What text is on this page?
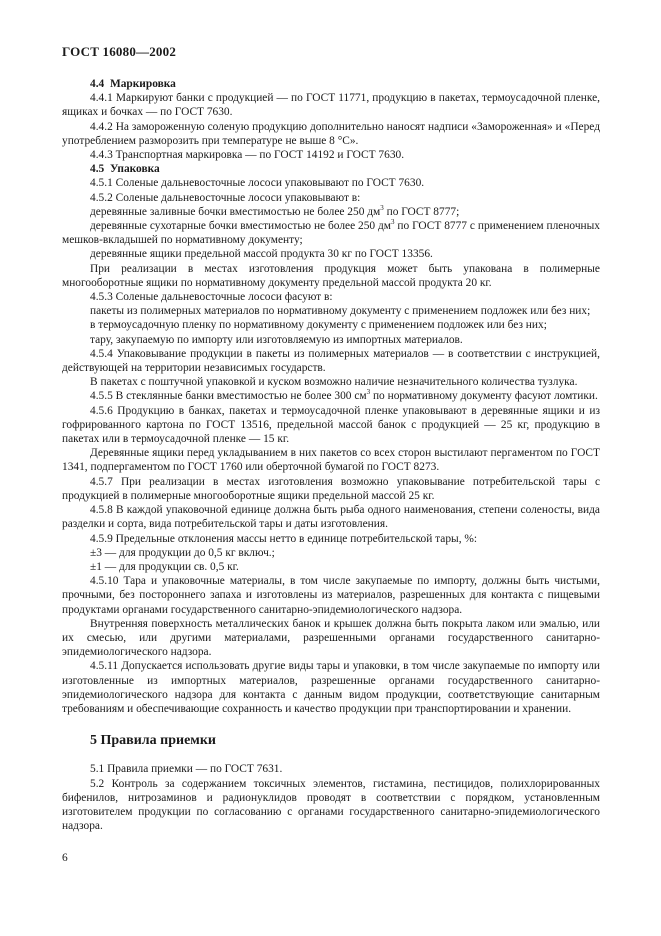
ГОСТ 16080—2002

4.4 Маркировка

4.4.1 Маркируют банки с продукцией — по ГОСТ 11771, продукцию в пакетах, термоусадочной пленке, ящиках и бочках — по ГОСТ 7630.

4.4.2 На замороженную соленую продукцию дополнительно наносят надписи «Замороженная» и «Перед употреблением разморозить при температуре не выше 8 °С».

4.4.3 Транспортная маркировка — по ГОСТ 14192 и ГОСТ 7630.

4.5 Упаковка

4.5.1 Соленые дальневосточные лососи упаковывают по ГОСТ 7630.

4.5.2 Соленые дальневосточные лососи упаковывают в:

деревянные заливные бочки вместимостью не более 250 $дм^3$ по ГОСТ 8777;

деревянные сухотарные бочки вместимостью не более 250 $дм^3$ по ГОСТ 8777 с применением пленочных мешков-вкладышей по нормативному документу;

деревянные ящики предельной массой продукта 30 кг по ГОСТ 13356.

При реализации в местах изготовления продукция может быть упакована в полимерные многооборотные ящики по нормативному документу предельной массой продукта 20 кг.

4.5.3 Соленые дальневосточные лососи фасуют в:

пакеты из полимерных материалов по нормативному документу с применением подложек или без них;

в термоусадочную пленку по нормативному документу с применением подложек или без них;

тару, закупаемую по импорту или изготовляемую из импортных материалов.

4.5.4 Упаковывание продукции в пакеты из полимерных материалов — в соответствии с инструкцией, действующей на территории независимых государств.

В пакетах с поштучной упаковкой и куском возможно наличие незначительного количества тузлука.

4.5.5 В стеклянные банки вместимостью не более 300 $см^3$ по нормативному документу фасуют ломтики.

4.5.6 Продукцию в банках, пакетах и термоусадочной пленке упаковывают в деревянные ящики и из гофрированного картона по ГОСТ 13516, предельной массой банок с продукцией — 25 кг, продукцию в пакетах или в термоусадочной пленке — 15 кг.

Деревянные ящики перед укладыванием в них пакетов со всех сторон выстилают пергаментом по ГОСТ 1341, подпергаментом по ГОСТ 1760 или оберточной бумагой по ГОСТ 8273.

4.5.7 При реализации в местах изготовления возможно упаковывание потребительской тары с продукцией в полимерные многооборотные ящики предельной массой 25 кг.

4.5.8 В каждой упаковочной единице должна быть рыба одного наименования, степени соленосты, вида разделки и сорта, вида потребительской тары и даты изготовления.

4.5.9 Предельные отклонения массы нетто в единице потребительской тары, %:

±3 — для продукции до 0,5 кг включ.;

±1 — для продукции св. 0,5 кг.

4.5.10 Тара и упаковочные материалы, в том числе закупаемые по импорту, должны быть чистыми, прочными, без постороннего запаха и изготовлены из материалов, разрешенных для контакта с пищевыми продуктами органами государственного санитарно-эпидемиологического надзора.

Внутренняя поверхность металлических банок и крышек должна быть покрыта лаком или эмалью, или их смесью, или другими материалами, разрешенными органами государственного санитарно-эпидемиологического надзора.

4.5.11 Допускается использовать другие виды тары и упаковки, в том числе закупаемые по импорту или изготовленные из импортных материалов, разрешенные органами государственного санитарно-эпидемиологического надзора для контакта с данным видом продукции, соответствующие санитарным требованиям и обеспечивающие сохранность и качество продукции при транспортировании и хранении.

5 Правила приемки

5.1 Правила приемки — по ГОСТ 7631.

5.2 Контроль за содержанием токсичных элементов, гистамина, пестицидов, полихлорированных бифенилов, нитрозаминов и радионуклидов проводят в соответствии с порядком, установленным изготовителем продукции по согласованию с органами государственного санитарно-эпидемиологического надзора.

6
